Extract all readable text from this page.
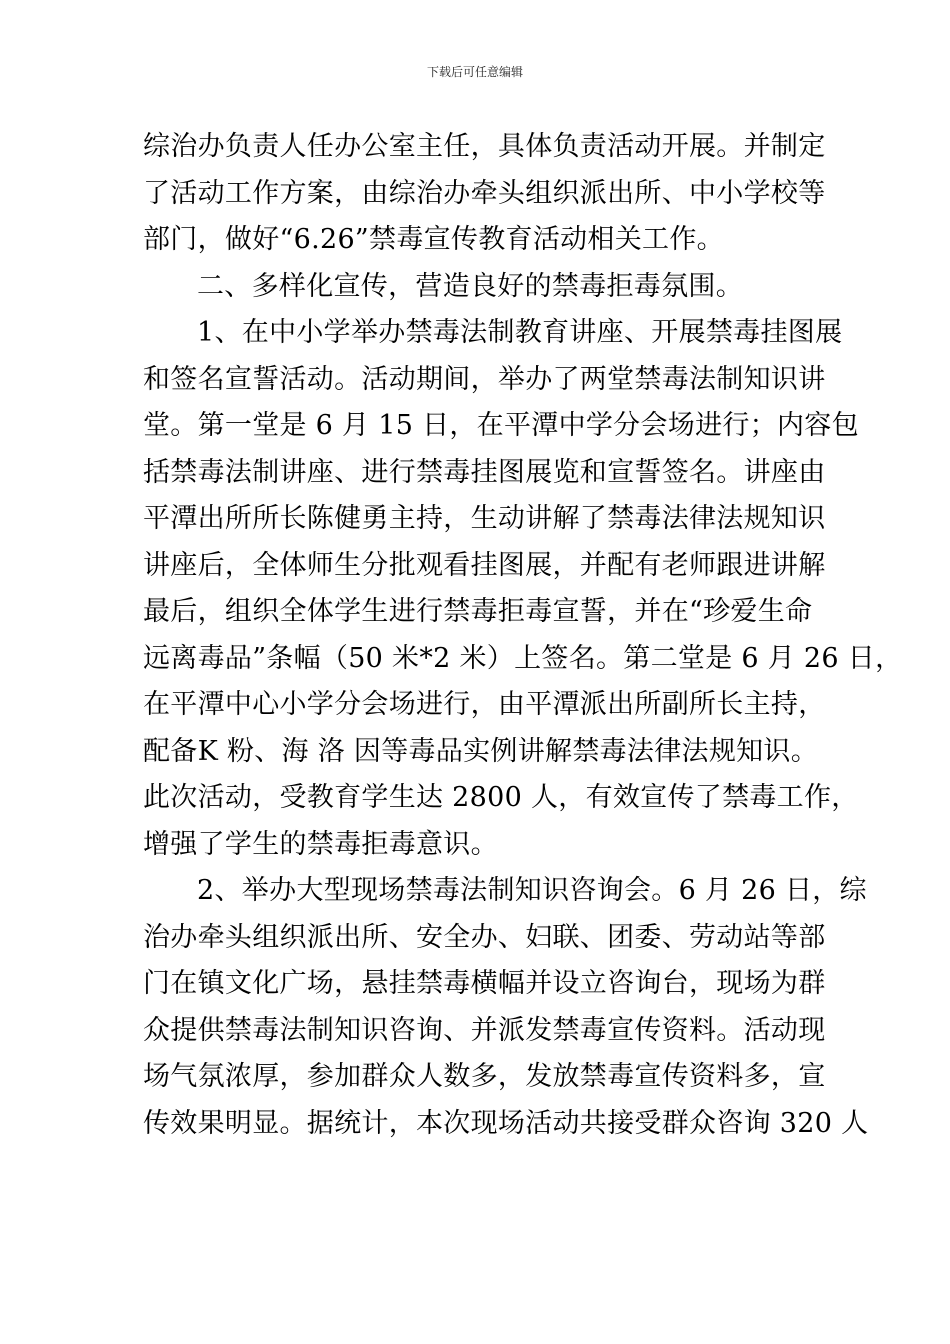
下载后可任意编辑
综治办负责人任办公室主任，具体负责活动开展。并制定
了活动工作方案，由综治办牵头组织派出所、中小学校等
部门，做好“6.26”禁毒宣传教育活动相关工作。
二、多样化宣传，营造良好的禁毒拒毒氛围。
1、在中小学举办禁毒法制教育讲座、开展禁毒挂图展
和签名宣誓活动。活动期间，举办了两堂禁毒法制知识讲
堂。第一堂是 6 月 15 日，在平潭中学分会场进行；内容包
括禁毒法制讲座、进行禁毒挂图展览和宣誓签名。讲座由
平潭出所所长陈健勇主持，生动讲解了禁毒法律法规知识
讲座后，全体师生分批观看挂图展，并配有老师跟进讲解
最后，组织全体学生进行禁毒拒毒宣誓，并在“珍爱生命
远离毒品”条幅（50 米*2 米）上签名。第二堂是 6 月 26 日，
在平潭中心小学分会场进行，由平潭派出所副所长主持，
配备K 粉、海 洛 因等毒品实例讲解禁毒法律法规知识。
此次活动，受教育学生达 2800 人，有效宣传了禁毒工作，
增强了学生的禁毒拒毒意识。
2、举办大型现场禁毒法制知识咨询会。6 月 26 日，综
治办牵头组织派出所、安全办、妇联、团委、劳动站等部
门在镇文化广场，悬挂禁毒横幅并设立咨询台，现场为群
众提供禁毒法制知识咨询、并派发禁毒宣传资料。活动现
场气氛浓厚，参加群众人数多，发放禁毒宣传资料多，宣
传效果明显。据统计，本次现场活动共接受群众咨询 320 人
